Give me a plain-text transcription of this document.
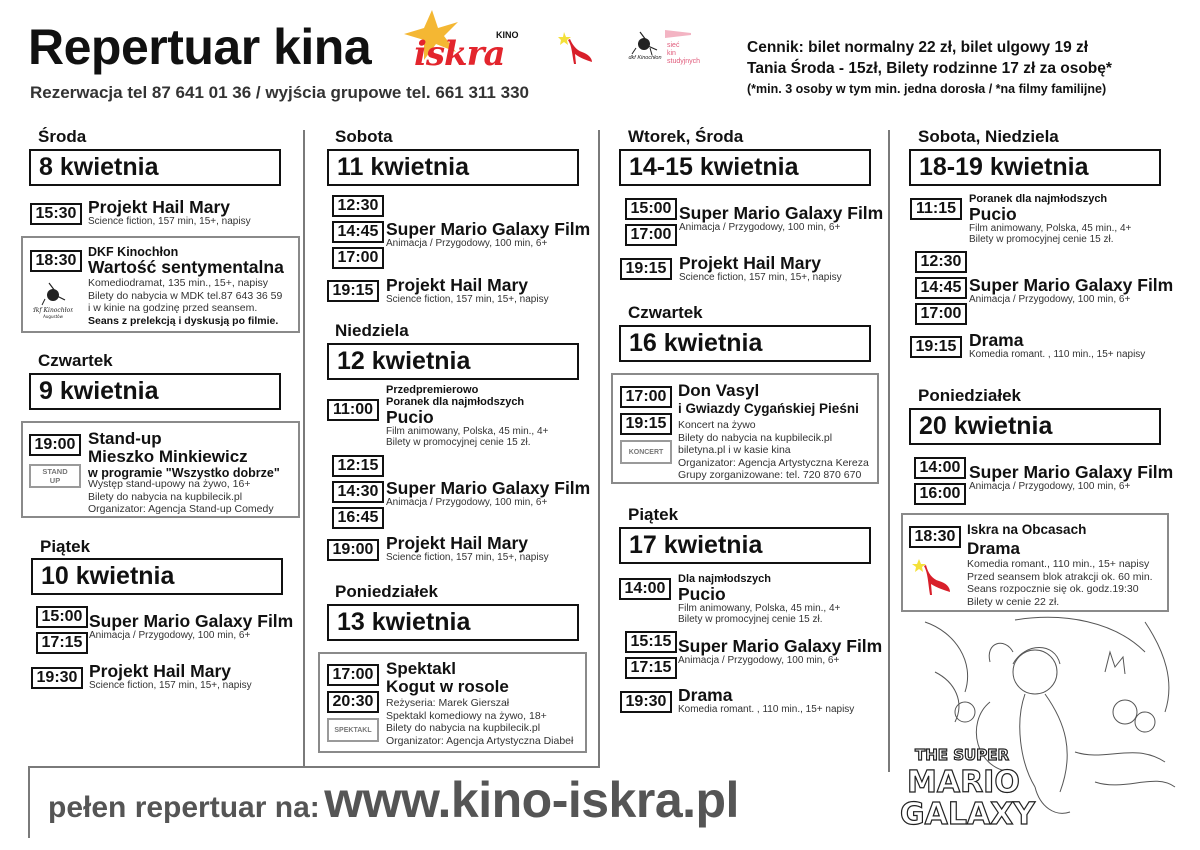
Repertuar kina
Rezerwacja tel 87 641 01 36 / wyjścia grupowe tel. 661 311 330
KINO
iskra	dkf Kinochłon
sieć
kin
studyjnych
Cennik: bilet normalny 22 zł, bilet ulgowy 19 zł
Tania Środa - 15zł, Bilety rodzinne 17 zł za osobę*
(*min. 3 osoby w tym min. jedna dorosła / *na filmy familijne)
Środa
8 kwietnia
15:30 Projekt Hail Mary
Science fiction, 157 min, 15+, napisy
18:30
dkf Kinochłon
Augustów
DKF Kinochłon
Wartość sentymentalna
Komediodramat, 135 min., 15+, napisy
Bilety do nabycia w MDK tel.87 643 36 59
i w kinie na godzinę przed seansem.
Seans z prelekcją i dyskusją po filmie.
Czwartek
9 kwietnia
19:00
STAND
UP
Stand-up
Mieszko Minkiewicz
w programie "Wszystko dobrze"
Występ stand-upowy na żywo, 16+
Bilety do nabycia na kupbilecik.pl
Organizator: Agencja Stand-up Comedy
Piątek
10 kwietnia
15:00
17:15
Super Mario Galaxy Film
Animacja / Przygodowy, 100 min, 6+
19:30 Projekt Hail Mary
Science fiction, 157 min, 15+, napisy
Sobota
11 kwietnia
12:30
14:45
17:00
Super Mario Galaxy Film
Animacja / Przygodowy, 100 min, 6+
19:15 Projekt Hail Mary
Science fiction, 157 min, 15+, napisy
Niedziela
12 kwietnia
11:00
Przedpremierowo
Poranek dla najmłodszych
Pucio
Film animowany, Polska, 45 min., 4+
Bilety w promocyjnej cenie 15 zł.
12:15
14:30
16:45
Super Mario Galaxy Film
Animacja / Przygodowy, 100 min, 6+
19:00 Projekt Hail Mary
Science fiction, 157 min, 15+, napisy
Poniedziałek
13 kwietnia
17:00
20:30
SPEKTAKL
Spektakl
Kogut w rosole
Reżyseria: Marek Gierszał
Spektakl komediowy na żywo, 18+
Bilety do nabycia na kupbilecik.pl
Organizator: Agencja Artystyczna Diabeł
Wtorek, Środa
14-15 kwietnia
15:00
17:00
Super Mario Galaxy Film
Animacja / Przygodowy, 100 min, 6+
19:15 Projekt Hail Mary
Science fiction, 157 min, 15+, napisy
Czwartek
16 kwietnia
17:00
19:15
KONCERT
Don Vasyl
i Gwiazdy Cygańskiej Pieśni
Koncert na żywo
Bilety do nabycia na kupbilecik.pl
biletyna.pl i w kasie kina
Organizator: Agencja Artystyczna Kereza
Grupy zorganizowane: tel. 720 870 670
Piątek
17 kwietnia
14:00
Dla najmłodszych
Pucio
Film animowany, Polska, 45 min., 4+
Bilety w promocyjnej cenie 15 zł.
15:15
17:15
Super Mario Galaxy Film
Animacja / Przygodowy, 100 min, 6+
19:30 Drama
Komedia romant. , 110 min., 15+ napisy
Sobota, Niedziela
18-19 kwietnia
11:15
Poranek dla najmłodszych
Pucio
Film animowany, Polska, 45 min., 4+
Bilety w promocyjnej cenie 15 zł.
12:30
14:45
17:00
Super Mario Galaxy Film
Animacja / Przygodowy, 100 min, 6+
19:15 Drama
Komedia romant. , 110 min., 15+ napisy
Poniedziałek
20 kwietnia
14:00
16:00
Super Mario Galaxy Film
Animacja / Przygodowy, 100 min, 6+
18:30 Iskra na Obcasach
Drama
Komedia romant., 110 min., 15+ napisy
Przed seansem blok atrakcji ok. 60 min.
Seans rozpocznie się ok. godz.19:30
Bilety w cenie 22 zł.
THE SUPER
MARIO
GALAXY
pełen repertuar na: www.kino-iskra.pl
